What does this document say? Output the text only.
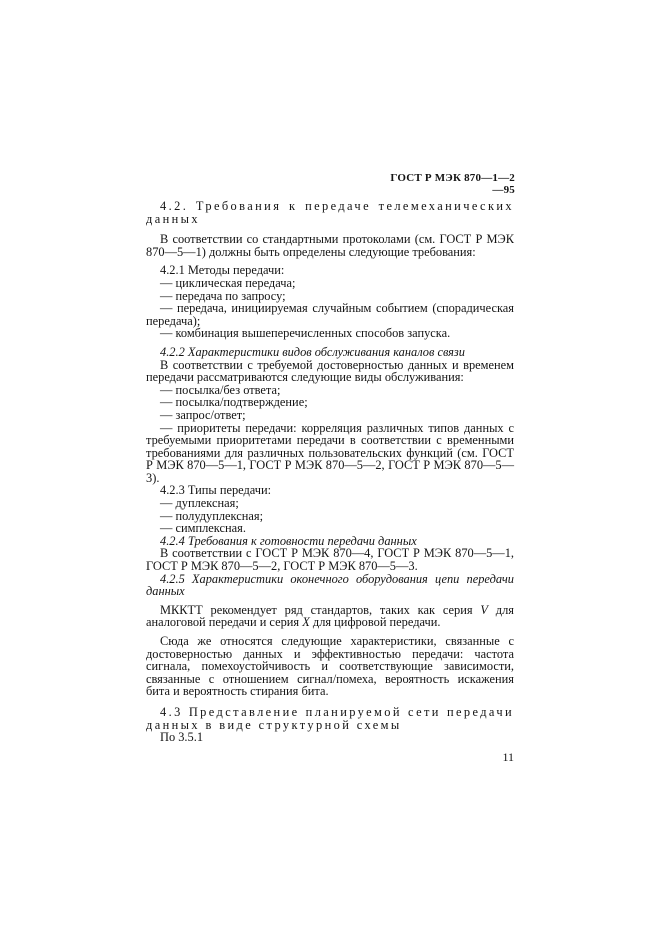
ГОСТ Р МЭК 870—1—2—95

4.2. Требования к передаче телемеханических данных

В соответствии со стандартными протоколами (см. ГОСТ Р МЭК 870—5—1) должны быть определены следующие требования:

4.2.1 Методы передачи:

— циклическая передача;

— передача по запросу;

— передача, инициируемая случайным событием (спорадическая передача);

— комбинация вышеперечисленных способов запуска.

4.2.2 Характеристики видов обслуживания каналов связи

В соответствии с требуемой достоверностью данных и временем передачи рассматриваются следующие виды обслуживания:

— посылка/без ответа;

— посылка/подтверждение;

— запрос/ответ;

— приоритеты передачи: корреляция различных типов данных с требуемыми приоритетами передачи в соответствии с временными требованиями для различных пользовательских функций (см. ГОСТ Р МЭК 870—5—1, ГОСТ Р МЭК 870—5—2, ГОСТ Р МЭК 870—5—3).

4.2.3 Типы передачи:

— дуплексная;

— полудуплексная;

— симплексная.

4.2.4 Требования к готовности передачи данных

В соответствии с ГОСТ Р МЭК 870—4, ГОСТ Р МЭК 870—5—1, ГОСТ Р МЭК 870—5—2, ГОСТ Р МЭК 870—5—3.

4.2.5 Характеристики оконечного оборудования цепи передачи данных

МККТТ рекомендует ряд стандартов, таких как серия V для аналоговой передачи и серия X для цифровой передачи.

Сюда же относятся следующие характеристики, связанные с достоверностью данных и эффективностью передачи: частота сигнала, помехоустойчивость и соответствующие зависимости, связанные с отношением сигнал/помеха, вероятность искажения бита и вероятность стирания бита.

4.3 Представление планируемой сети передачи данных в виде структурной схемы

По 3.5.1

11
